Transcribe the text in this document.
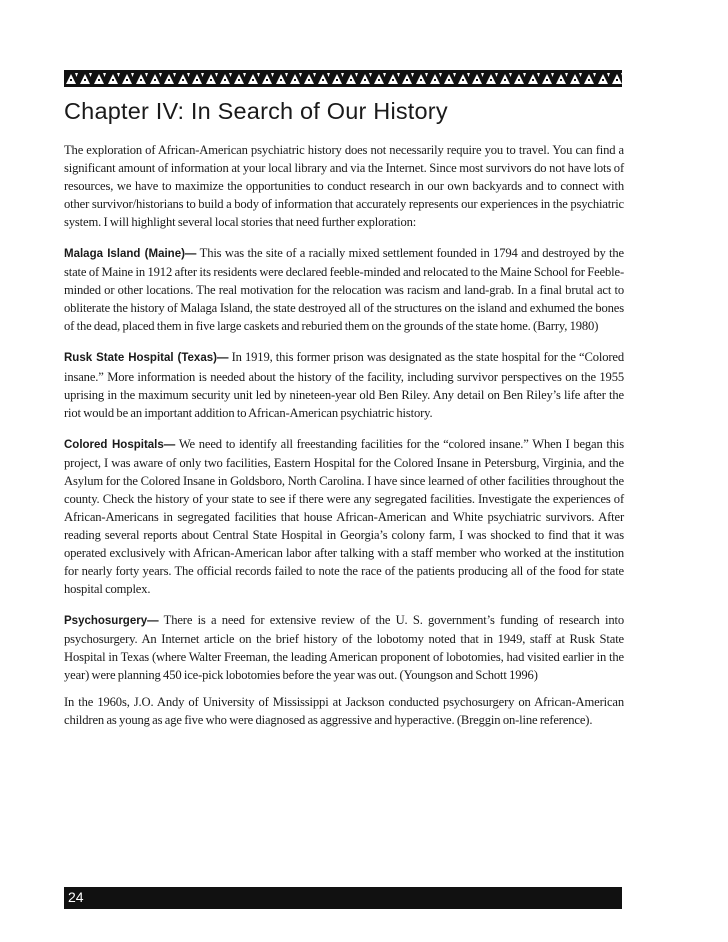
Chapter IV: In Search of Our History

The exploration of African-American psychiatric history does not necessarily require you to travel. You can find a significant amount of information at your local library and via the Internet. Since most survivors do not have lots of resources, we have to maximize the opportunities to conduct research in our own backyards and to connect with other survivor/historians to build a body of information that accurately represents our experiences in the psychiatric system. I will highlight several local stories that need further exploration:

Malaga Island (Maine)— This was the site of a racially mixed settlement founded in 1794 and destroyed by the state of Maine in 1912 after its residents were declared feeble-minded and relocated to the Maine School for Feeble-minded or other locations. The real motivation for the relocation was racism and land-grab. In a final brutal act to obliterate the history of Malaga Island, the state destroyed all of the structures on the island and exhumed the bones of the dead, placed them in five large caskets and reburied them on the grounds of the state home. (Barry, 1980)

Rusk State Hospital (Texas)— In 1919, this former prison was designated as the state hospital for the “Colored insane.” More information is needed about the history of the facility, including survivor perspectives on the 1955 uprising in the maximum security unit led by nineteen-year old Ben Riley. Any detail on Ben Riley’s life after the riot would be an important addition to African-American psychiatric history.

Colored Hospitals— We need to identify all freestanding facilities for the “colored insane.” When I began this project, I was aware of only two facilities, Eastern Hospital for the Colored Insane in Petersburg, Virginia, and the Asylum for the Colored Insane in Goldsboro, North Carolina. I have since learned of other facilities throughout the county. Check the history of your state to see if there were any segregated facilities. Investigate the experiences of African-Americans in segregated facilities that house African-American and White psychiatric survivors. After reading several reports about Central State Hospital in Georgia’s colony farm, I was shocked to find that it was operated exclusively with African-American labor after talking with a staff member who worked at the institution for nearly forty years. The official records failed to note the race of the patients producing all of the food for state hospital complex.

Psychosurgery— There is a need for extensive review of the U. S. government’s funding of research into psychosurgery. An Internet article on the brief history of the lobotomy noted that in 1949, staff at Rusk State Hospital in Texas (where Walter Freeman, the leading American proponent of lobotomies, had visited earlier in the year) were planning 450 ice-pick lobotomies before the year was out. (Youngson and Schott 1996)

In the 1960s, J.O. Andy of University of Mississippi at Jackson conducted psychosurgery on African-American children as young as age five who were diagnosed as aggressive and hyperactive. (Breggin on-line reference).

24
